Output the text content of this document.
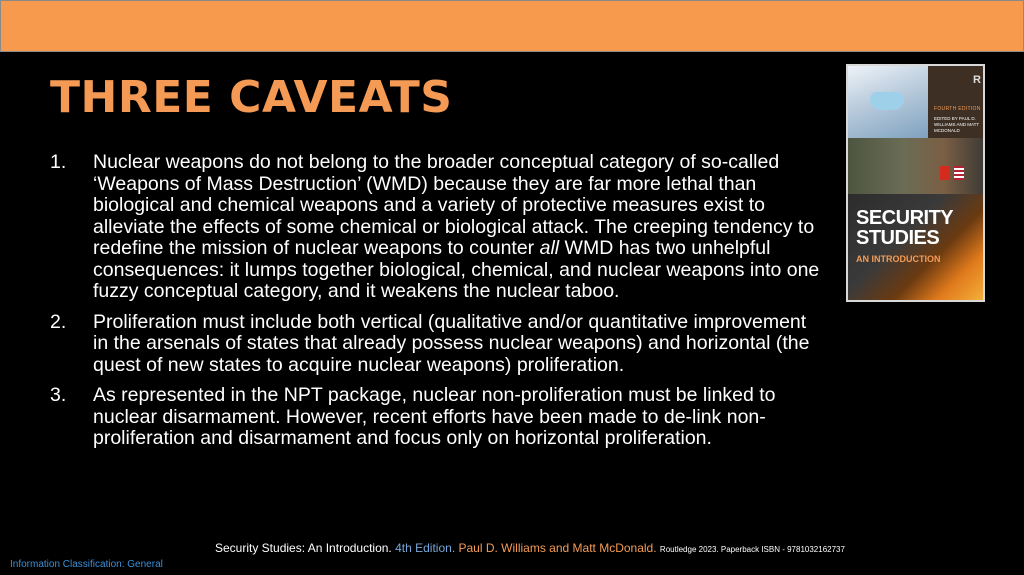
THREE CAVEATS
1.	Nuclear weapons do not belong to the broader conceptual category of so-called ‘Weapons of Mass Destruction’ (WMD) because they are far more lethal than biological and chemical weapons and a variety of protective measures exist to alleviate the effects of some chemical or biological attack. The creeping tendency to redefine the mission of nuclear weapons to counter all WMD has two unhelpful consequences: it lumps together biological, chemical, and nuclear weapons into one fuzzy conceptual category, and it weakens the nuclear taboo.
2.	Proliferation must include both vertical (qualitative and/or quantitative improvement in the arsenals of states that already possess nuclear weapons) and horizontal (the quest of new states to acquire nuclear weapons) proliferation.
3.	As represented in the NPT package, nuclear non-proliferation must be linked to nuclear disarmament. However, recent efforts have been made to de-link non-proliferation and disarmament and focus only on horizontal proliferation.
R
FOURTH EDITION
EDITED BY PAUL D. WILLIAMS AND MATT MCDONALD
SECURITY
STUDIES
AN INTRODUCTION
Security Studies: An Introduction. 4th Edition. Paul D. Williams and Matt McDonald. Routledge 2023. Paperback ISBN - 9781032162737
Information Classification: General
